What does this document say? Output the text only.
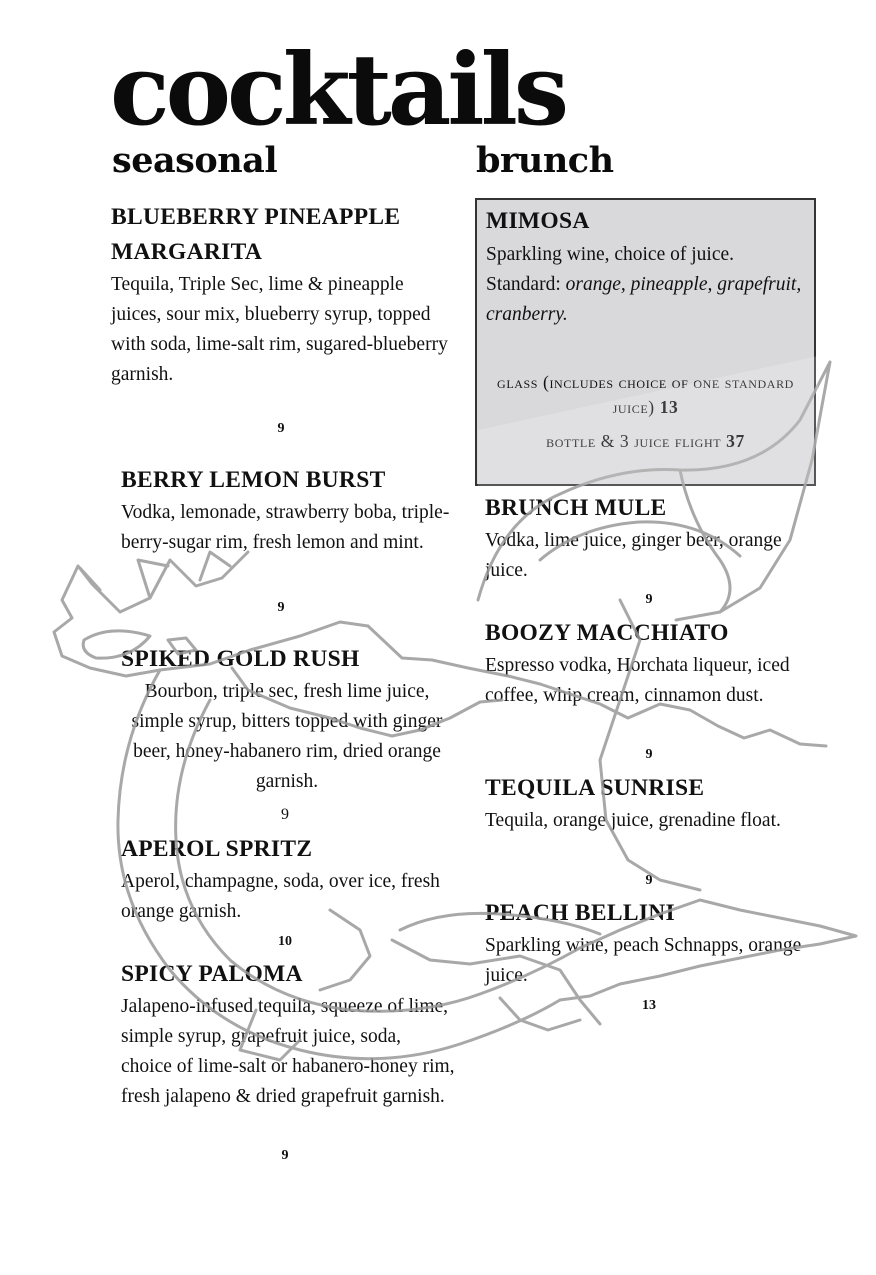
cocktails
seasonal	brunch

BLUEBERRY PINEAPPLE MARGARITA

Tequila, Triple Sec, lime & pineapple juices, sour mix, blueberry syrup, topped with soda, lime-salt rim, sugared-blueberry garnish.

9

BERRY LEMON BURST

Vodka, lemonade, strawberry boba, triple-berry-sugar rim, fresh lemon and mint.

9

SPIKED GOLD RUSH

Bourbon, triple sec, fresh lime juice, simple syrup, bitters topped with ginger beer, honey-habanero rim, dried orange garnish.

9

APEROL SPRITZ

Aperol, champagne, soda, over ice, fresh orange garnish.

10

SPICY PALOMA

Jalapeno-infused tequila, squeeze of lime, simple syrup, grapefruit juice, soda, choice of lime-salt or habanero-honey rim, fresh jalapeno & dried grapefruit garnish.

9

MIMOSA

Sparkling wine, choice of juice.
Standard: orange, pineapple, grapefruit, cranberry.

glass (includes choice of one standard juice) 13
bottle & 3 juice flight 37

BRUNCH MULE

Vodka, lime juice, ginger beer, orange juice.

9

BOOZY MACCHIATO

Espresso vodka, Horchata liqueur, iced coffee, whip cream, cinnamon dust.

9

TEQUILA SUNRISE

Tequila, orange juice, grenadine float.

9

PEACH BELLINI

Sparkling wine, peach Schnapps, orange juice.

13
